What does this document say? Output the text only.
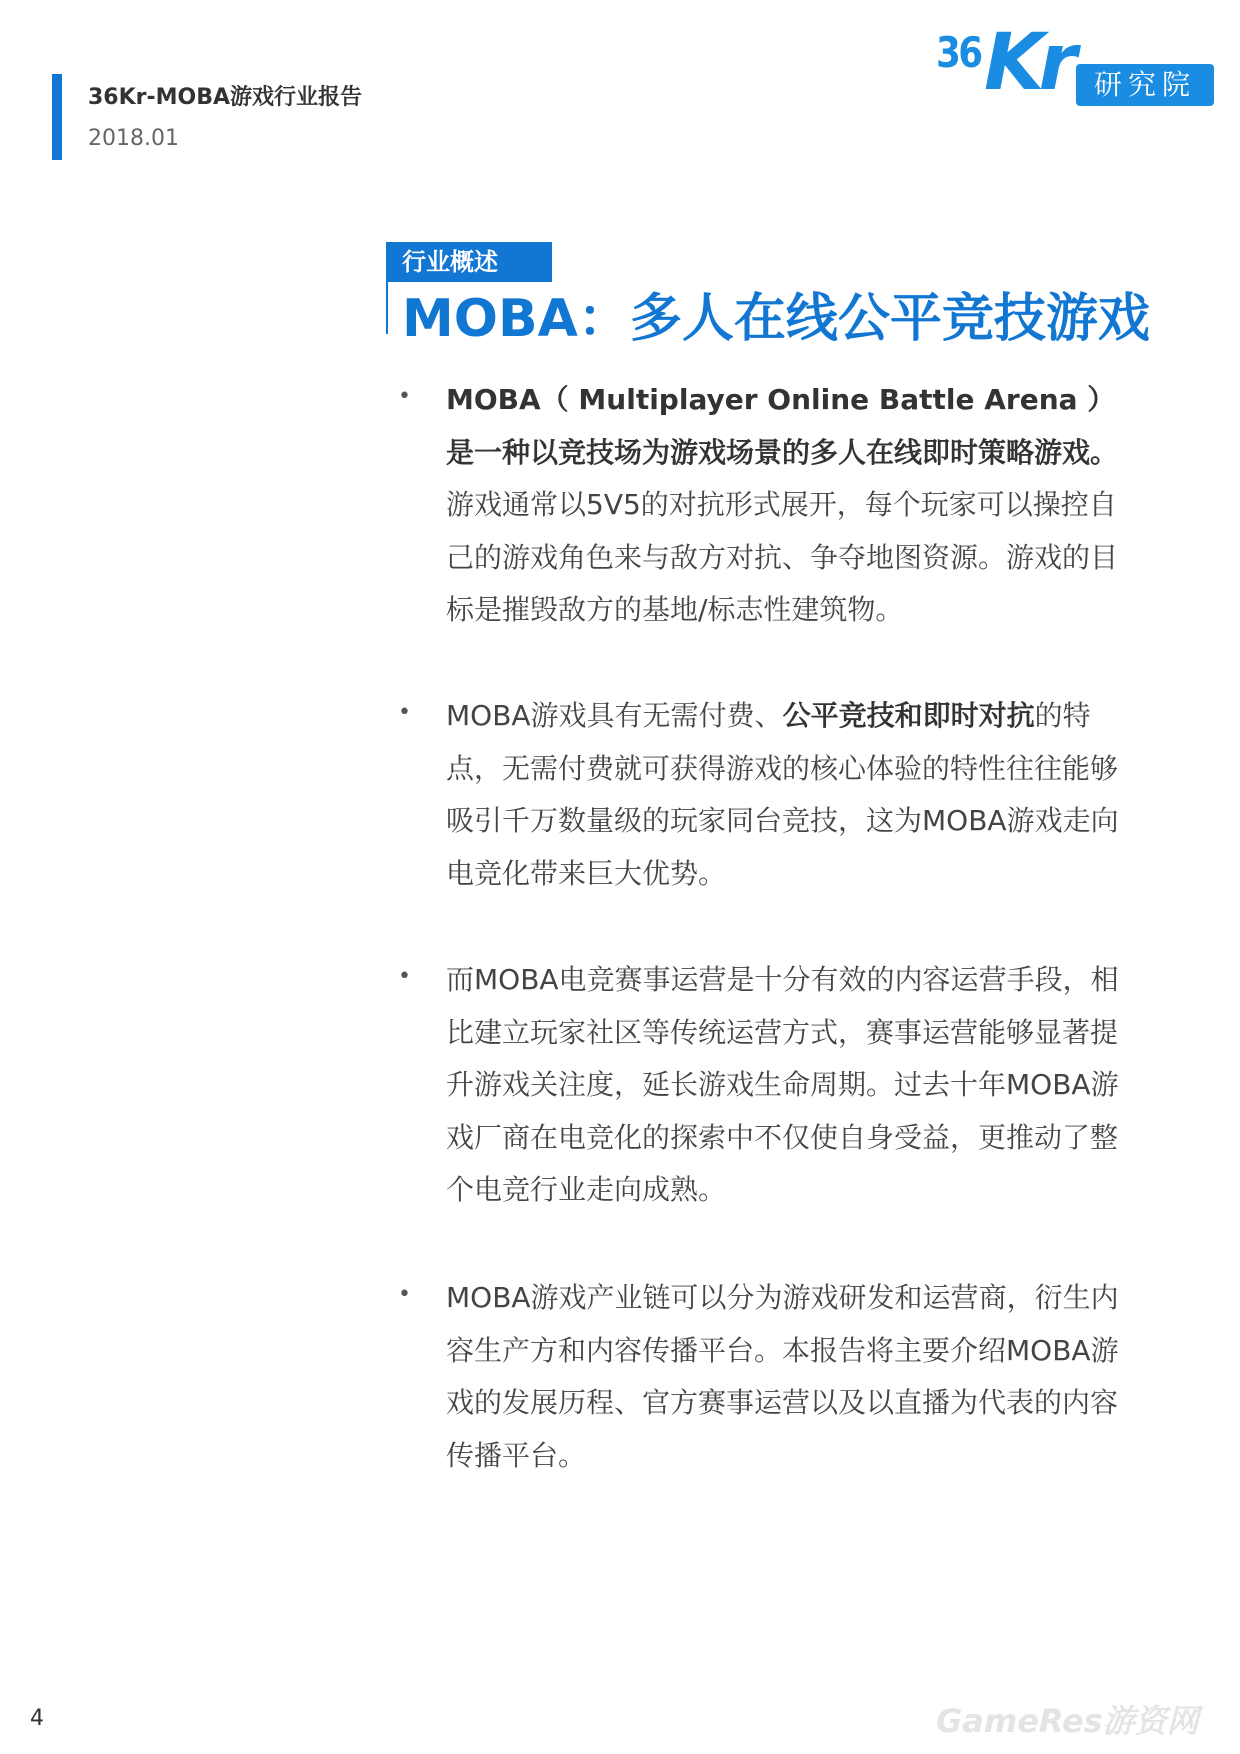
36Kr-MOBA游戏行业报告
2018.01
36 Kr 研究院
行业概述
MOBA：多人在线公平竞技游戏
• MOBA（ Multiplayer Online Battle Arena ）是一种以竞技场为游戏场景的多人在线即时策略游戏。游戏通常以5V5的对抗形式展开，每个玩家可以操控自己的游戏角色来与敌方对抗、争夺地图资源。游戏的目标是摧毁敌方的基地/标志性建筑物。
• MOBA游戏具有无需付费、公平竞技和即时对抗的特点，无需付费就可获得游戏的核心体验的特性往往能够吸引千万数量级的玩家同台竞技，这为MOBA游戏走向电竞化带来巨大优势。
• 而MOBA电竞赛事运营是十分有效的内容运营手段，相比建立玩家社区等传统运营方式，赛事运营能够显著提升游戏关注度，延长游戏生命周期。过去十年MOBA游戏厂商在电竞化的探索中不仅使自身受益，更推动了整个电竞行业走向成熟。
• MOBA游戏产业链可以分为游戏研发和运营商，衍生内容生产方和内容传播平台。本报告将主要介绍MOBA游戏的发展历程、官方赛事运营以及以直播为代表的内容传播平台。
4	GameRes游资网
